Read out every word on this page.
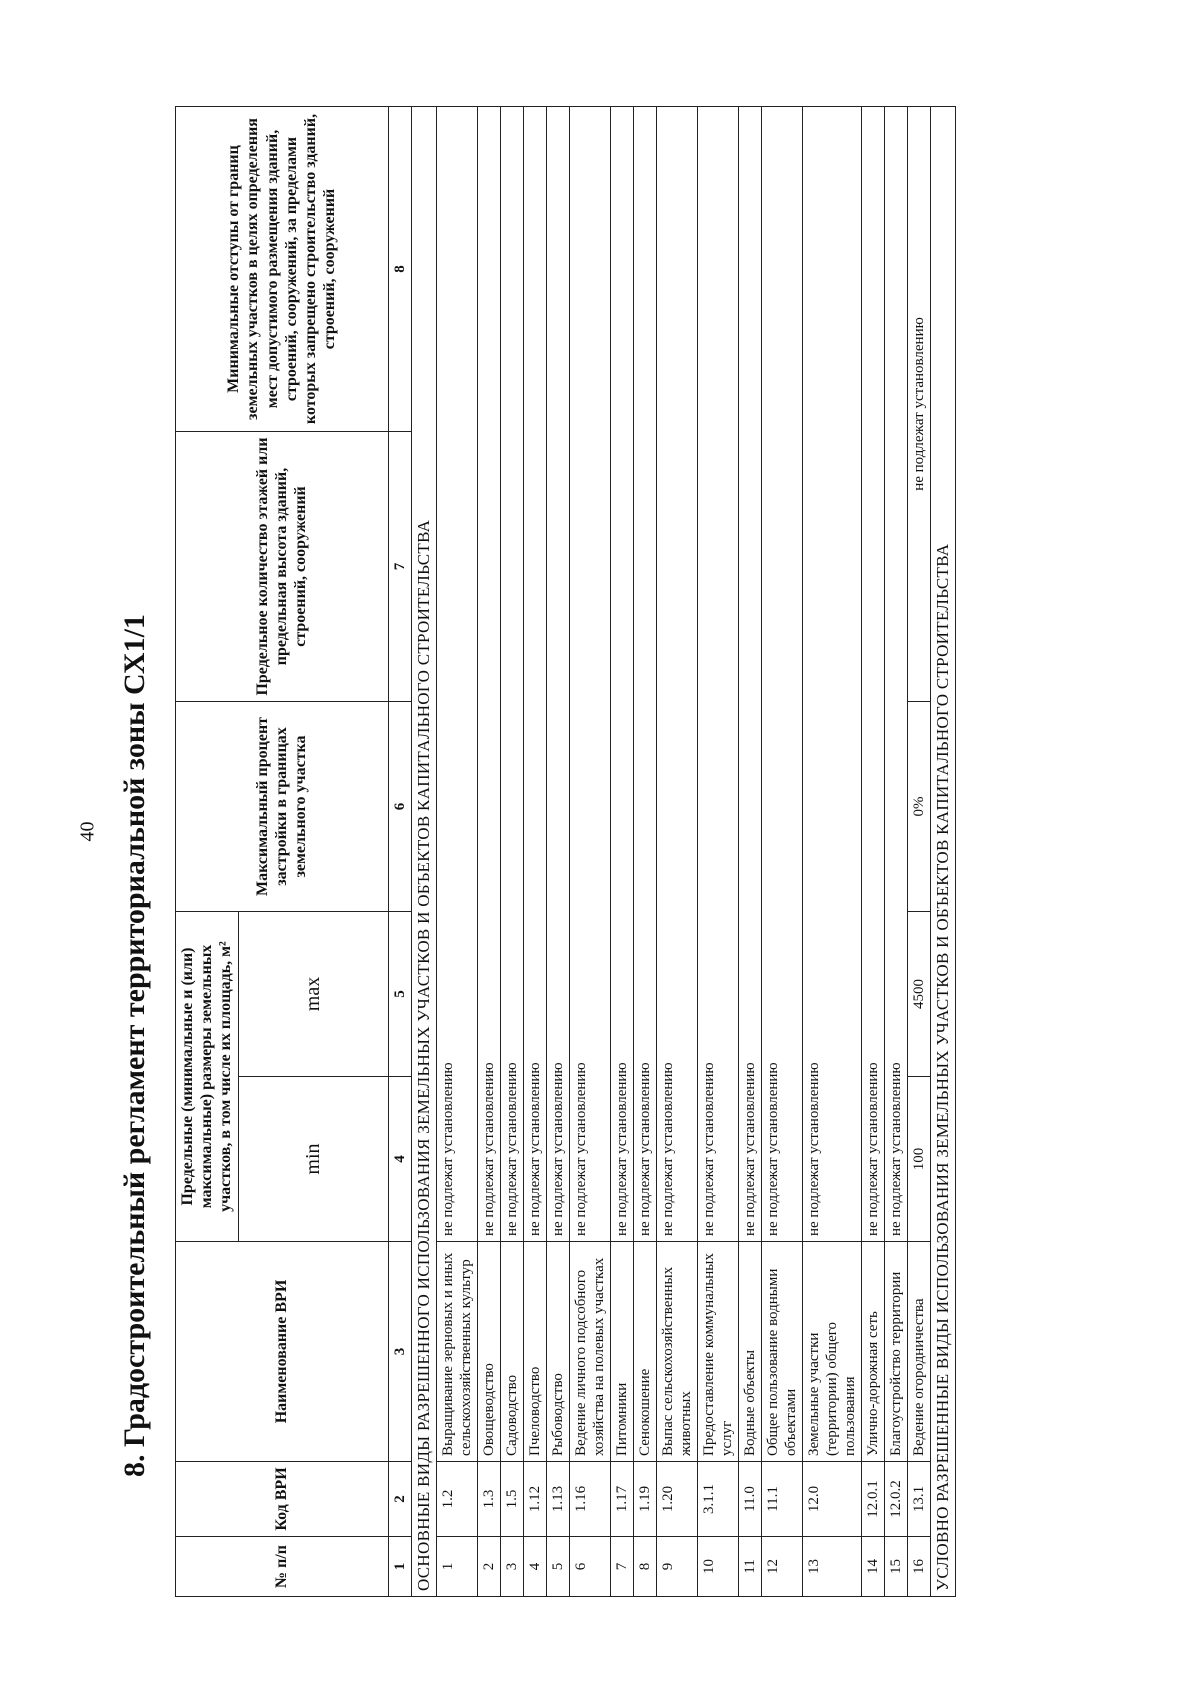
40 8. Градостроительный регламент территориальной зоны СХ1/1
№ п/п	Код ВРИ	Наименование ВРИ	Предельные (минимальные и (или) максимальные) размеры земельных участков, в том числе их площадь, м²		Максимальный процент застройки в границах земельного участка	Предельное количество этажей или предельная высота зданий, строений, сооружений	Минимальные отступы от границ земельных участков в целях определения мест допустимого размещения зданий, строений, сооружений, за пределами которых запрещено строительство зданий, строений, сооружений
			min	max			
1	2	3	4	5	6	7	8
ОСНОВНЫЕ ВИДЫ РАЗРЕШЕННОГО ИСПОЛЬЗОВАНИЯ ЗЕМЕЛЬНЫХ УЧАСТКОВ И ОБЪЕКТОВ КАПИТАЛЬНОГО СТРОИТЕЛЬСТВА							
1	1.2	Выращивание зерновых и иных сельскохозяйственных культур	не подлежат установлению				
2	1.3	Овощеводство	не подлежат установлению				
3	1.5	Садоводство	не подлежат установлению				
4	1.12	Пчеловодство	не подлежат установлению				
5	1.13	Рыбоводство	не подлежат установлению				
6	1.16	Ведение личного подсобного хозяйства на полевых участках	не подлежат установлению				
7	1.17	Питомники	не подлежат установлению				
8	1.19	Сенокошение	не подлежат установлению				
9	1.20	Выпас сельскохозяйственных животных	не подлежат установлению				
10	3.1.1	Предоставление коммунальных услуг	не подлежат установлению				
11	11.0	Водные объекты	не подлежат установлению				
12	11.1	Общее пользование водными объектами	не подлежат установлению				
13	12.0	Земельные участки (территории) общего пользования	не подлежат установлению				
14	12.0.1	Улично-дорожная сеть	не подлежат установлению				
15	12.0.2	Благоустройство территории	не подлежат установлению				
16	13.1	Ведение огородничества	100	4500	0%	не подлежат установлению	
УСЛОВНО РАЗРЕШЕННЫЕ ВИДЫ ИСПОЛЬЗОВАНИЯ ЗЕМЕЛЬНЫХ УЧАСТКОВ И ОБЪЕКТОВ КАПИТАЛЬНОГО СТРОИТЕЛЬСТВА							
